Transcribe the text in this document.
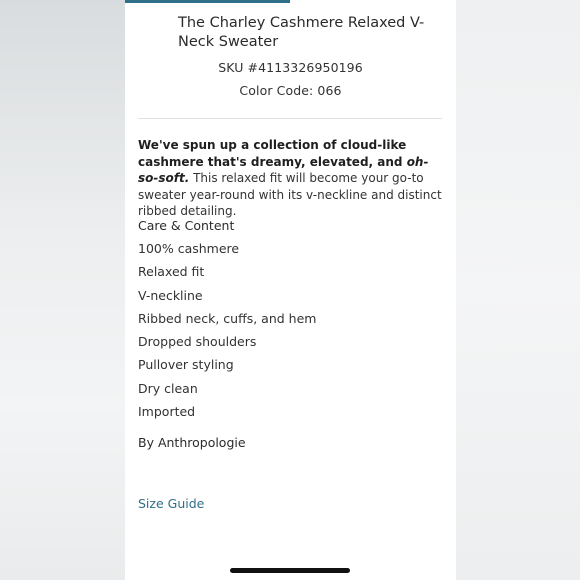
The Charley Cashmere Relaxed V-Neck Sweater
SKU #4113326950196
Color Code: 066

We've spun up a collection of cloud-like cashmere that's dreamy, elevated, and oh-so-soft. This relaxed fit will become your go-to sweater year-round with its v-neckline and distinct ribbed detailing.

Care & Content
100% cashmere
Relaxed fit
V-neckline
Ribbed neck, cuffs, and hem
Dropped shoulders
Pullover styling
Dry clean
Imported
By Anthropologie
Size Guide
